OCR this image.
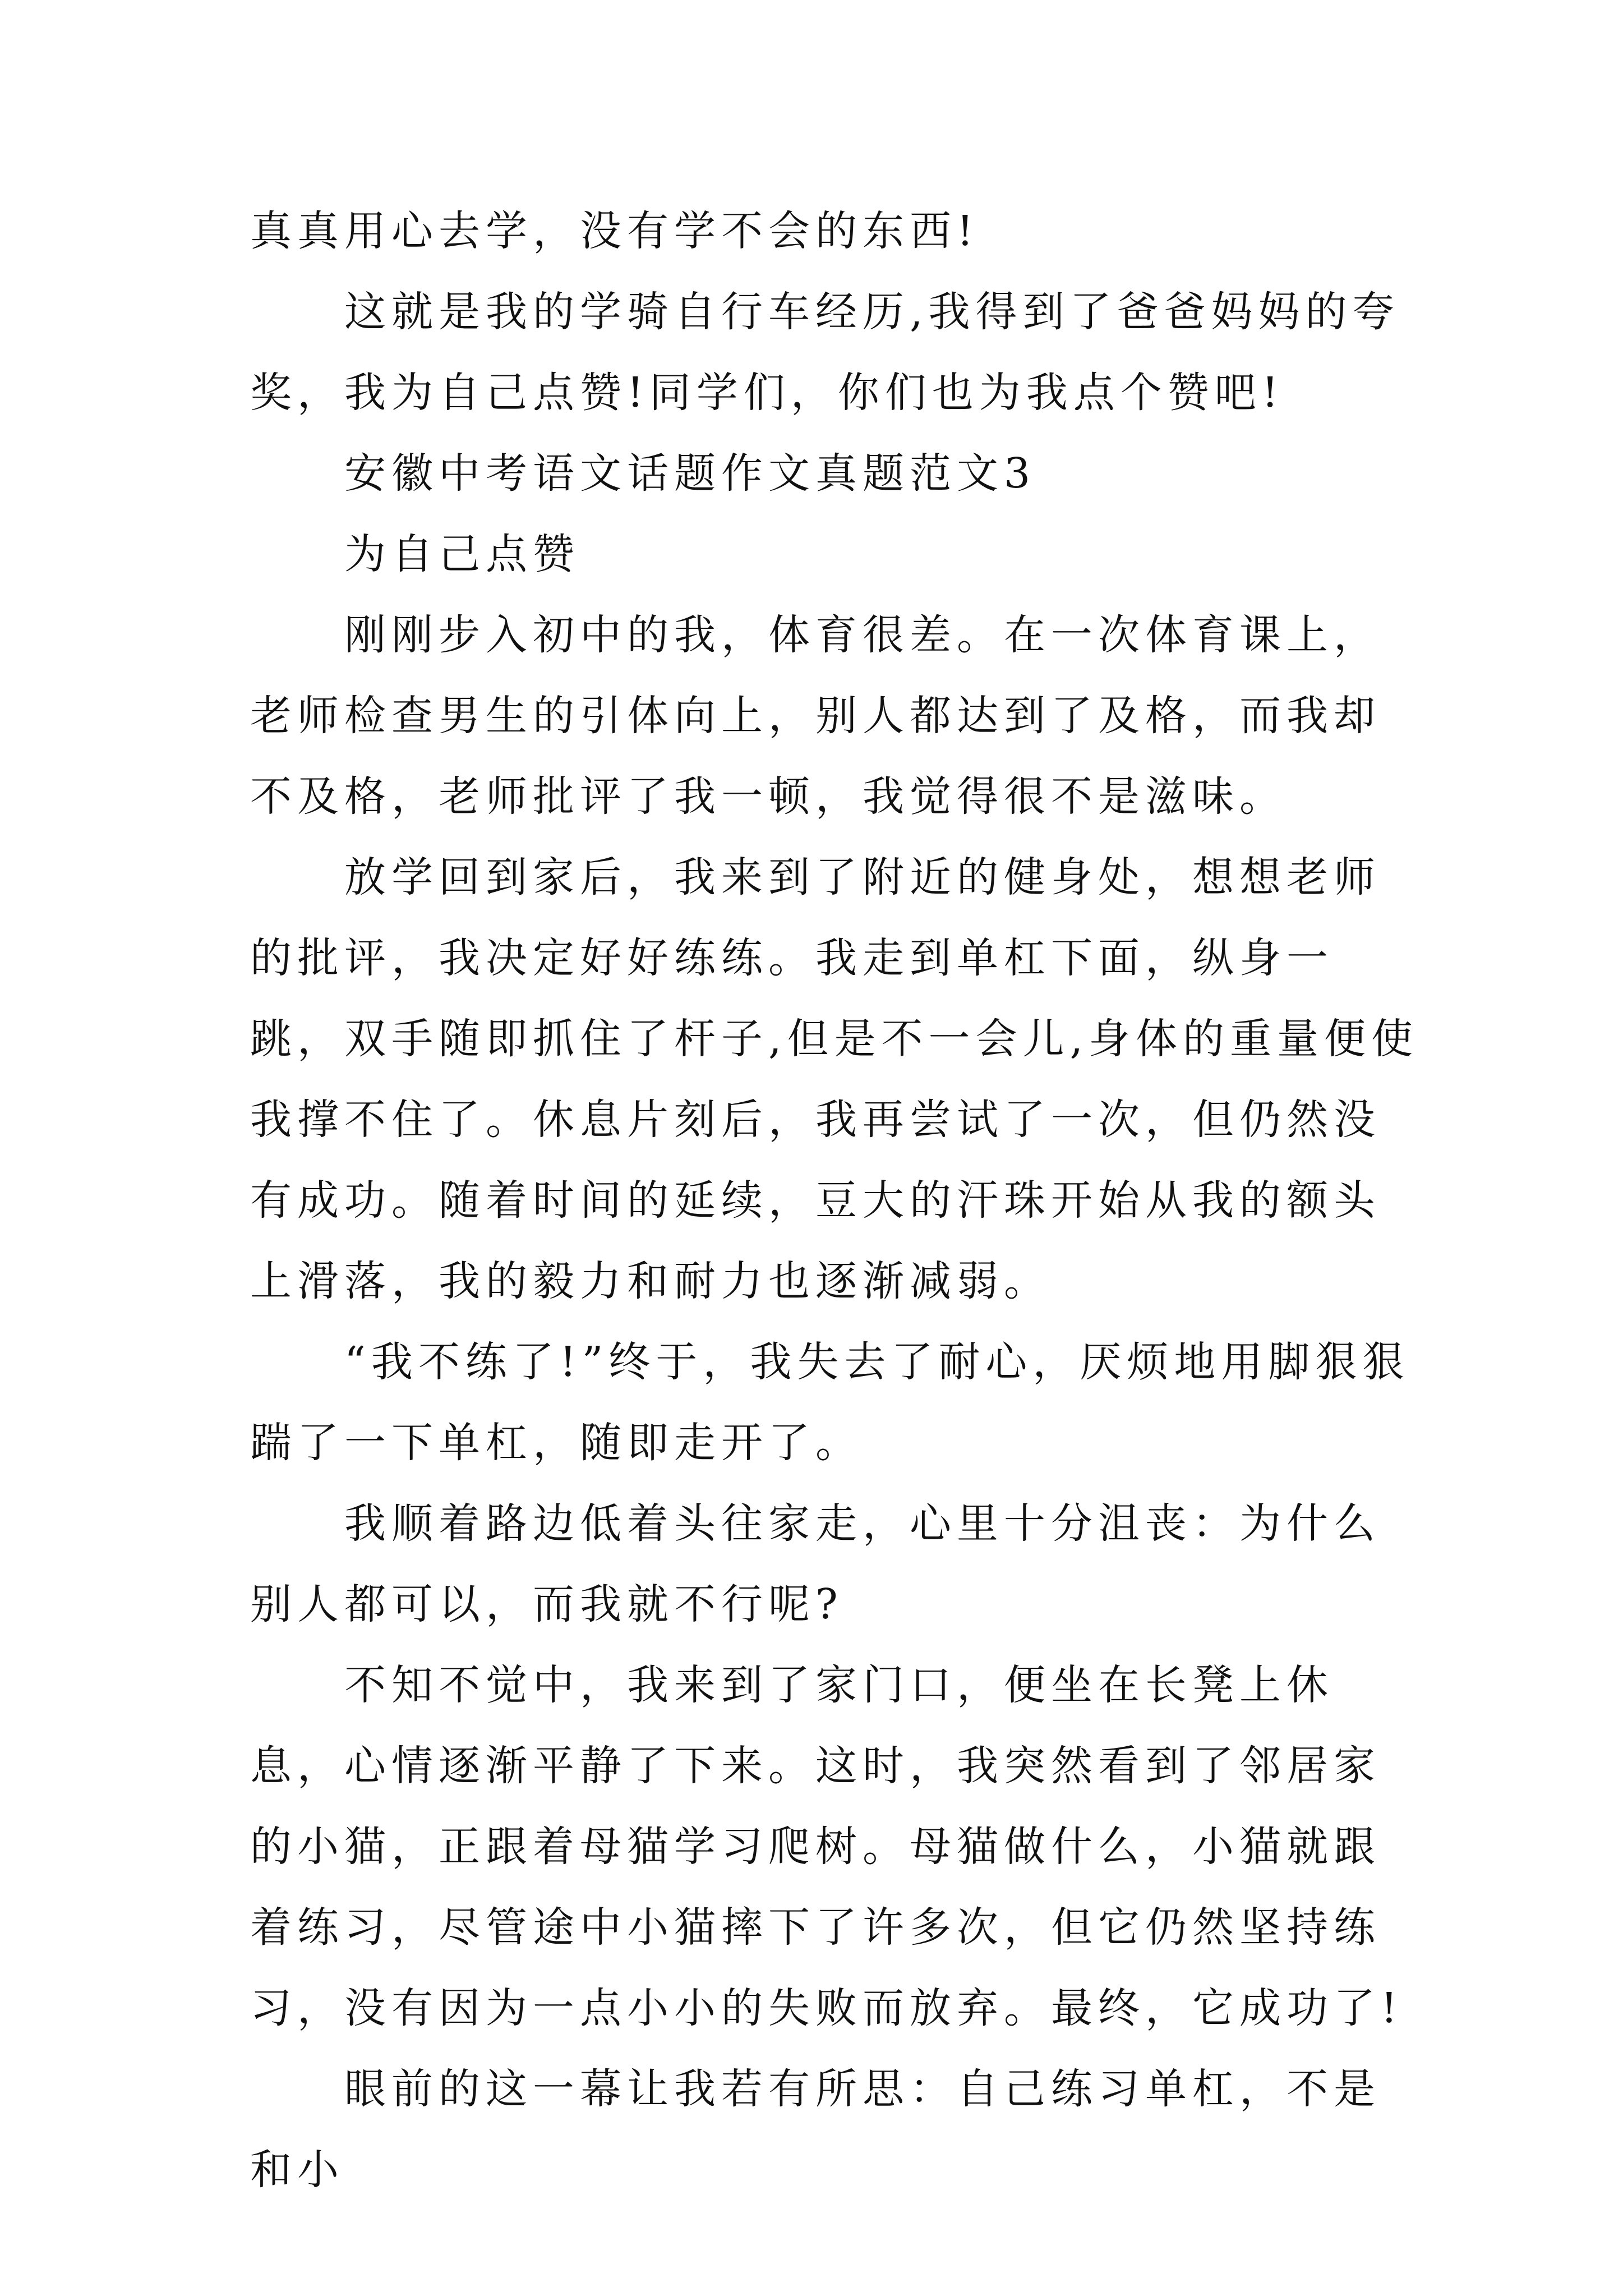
真真用心去学，没有学不会的东西!

这就是我的学骑自行车经历,我得到了爸爸妈妈的夸奖，我为自己点赞!同学们，你们也为我点个赞吧!

安徽中考语文话题作文真题范文3

为自己点赞

刚刚步入初中的我，体育很差。在一次体育课上，老师检查男生的引体向上，别人都达到了及格，而我却不及格，老师批评了我一顿，我觉得很不是滋味。

放学回到家后，我来到了附近的健身处，想想老师的批评，我决定好好练练。我走到单杠下面，纵身一跳，双手随即抓住了杆子,但是不一会儿,身体的重量便使我撑不住了。休息片刻后，我再尝试了一次，但仍然没有成功。随着时间的延续，豆大的汗珠开始从我的额头上滑落，我的毅力和耐力也逐渐减弱。

“我不练了!”终于，我失去了耐心，厌烦地用脚狠狠踹了一下单杠，随即走开了。

我顺着路边低着头往家走，心里十分沮丧：为什么别人都可以，而我就不行呢?

不知不觉中，我来到了家门口，便坐在长凳上休息，心情逐渐平静了下来。这时，我突然看到了邻居家的小猫，正跟着母猫学习爬树。母猫做什么，小猫就跟着练习，尽管途中小猫摔下了许多次，但它仍然坚持练习，没有因为一点小小的失败而放弃。最终，它成功了!

眼前的这一幕让我若有所思：自己练习单杠，不是和小
